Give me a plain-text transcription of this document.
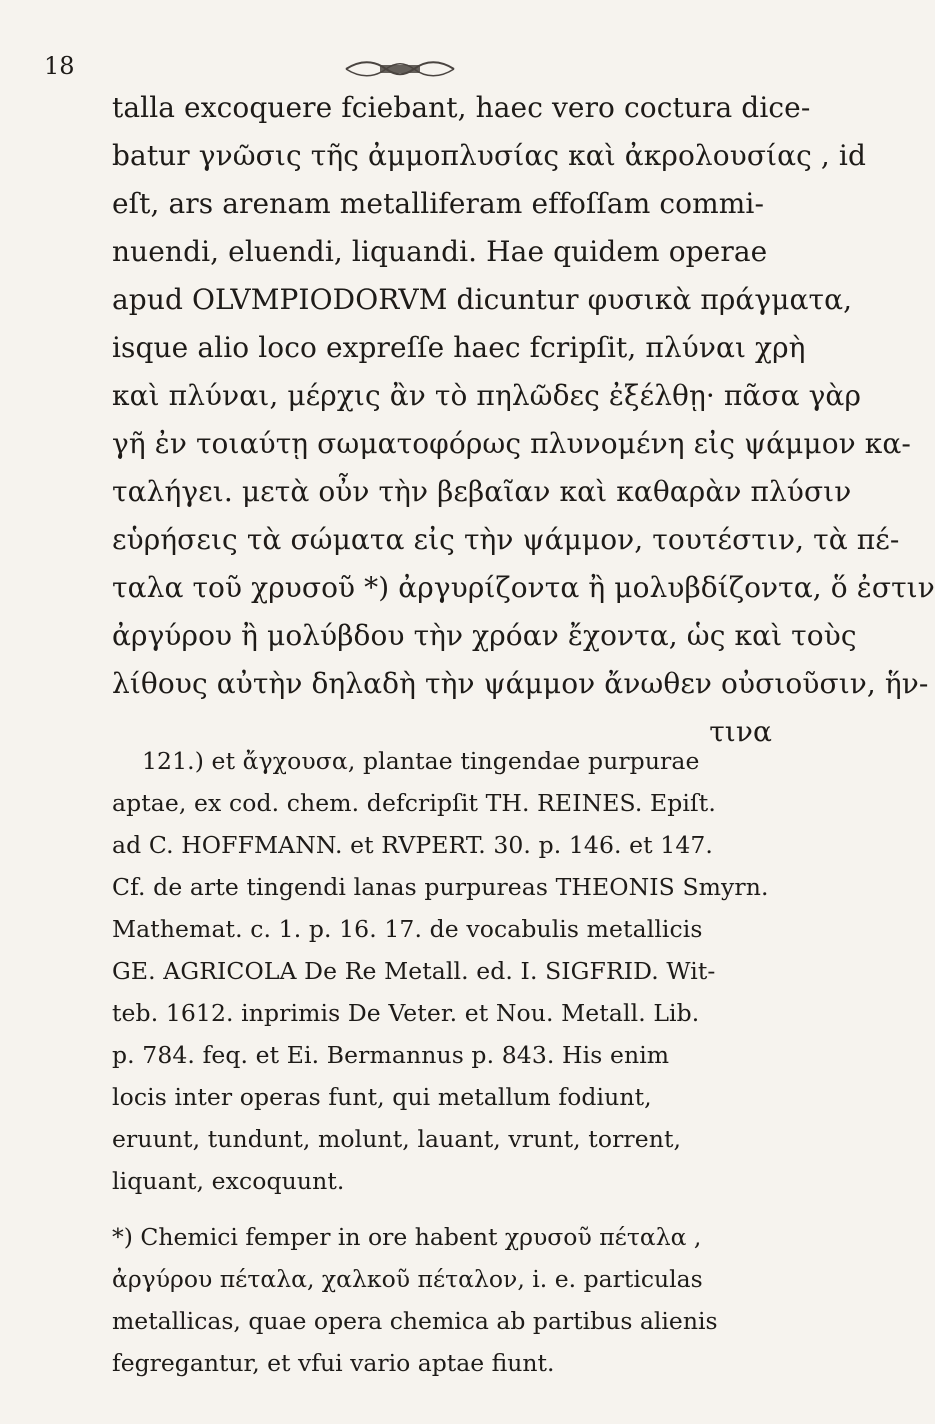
18
talla excoquere fciebant, haec vero coctura dice-
batur γνῶσις τῆς ἀμμοπλυσίας καὶ ἀκρολουσίας , id
eſt, ars arenam metalliferam effoſſam commi-
nuendi, eluendi, liquandi. Hae quidem operae
apud OLVMPIODORVM dicuntur φυσικὰ πράγματα,
isque alio loco expreſſe haec fcripſit, πλύναι χρὴ
καὶ πλύναι, μέρχις ἂν τὸ πηλῶδες ἐξέλθῃ· πᾶσα γὰρ
γῆ ἐν τοιαύτῃ σωματοφόρως πλυνομένη εἰς ψάμμον κα-
ταλήγει. μετὰ οὖν τὴν βεβαῖαν καὶ καθαρὰν πλύσιν
εὑρήσεις τὰ σώματα εἰς τὴν ψάμμον, τουτέστιν, τὰ πέ-
ταλα τοῦ χρυσοῦ *) ἀργυρίζοντα ἢ μολυβδίζοντα, ὅ ἐστιν
ἀργύρου ἢ μολύβδου τὴν χρόαν ἔχοντα, ὡς καὶ τοὺς
λίθους αὐτὴν δηλαδὴ τὴν ψάμμον ἄνωθεν οὐσιοῦσιν, ἥν-
τινα
121.) et ἄγχουσα, plantae tingendae purpurae
aptae, ex cod. chem. defcripſit TH. REINES. Epiſt.
ad C. HOFFMANN. et RVPERT. 30. p. 146. et 147.
Cf. de arte tingendi lanas purpureas THEONIS Smyrn.
Mathemat. c. 1. p. 16. 17. de vocabulis metallicis
GE. AGRICOLA De Re Metall. ed. I. SIGFRID. Wit-
teb. 1612. inprimis De Veter. et Nou. Metall. Lib.
p. 784. feq. et Ei. Bermannus p. 843. His enim
locis inter operas funt, qui metallum fodiunt,
eruunt, tundunt, molunt, lauant, vrunt, torrent,
liquant, excoquunt.
*) Chemici femper in ore habent χρυσοῦ πέταλα ,
ἀργύρου πέταλα, χαλκοῦ πέταλον, i. e. particulas
metallicas, quae opera chemica ab partibus alienis
fegregantur, et vfui vario aptae fiunt.
